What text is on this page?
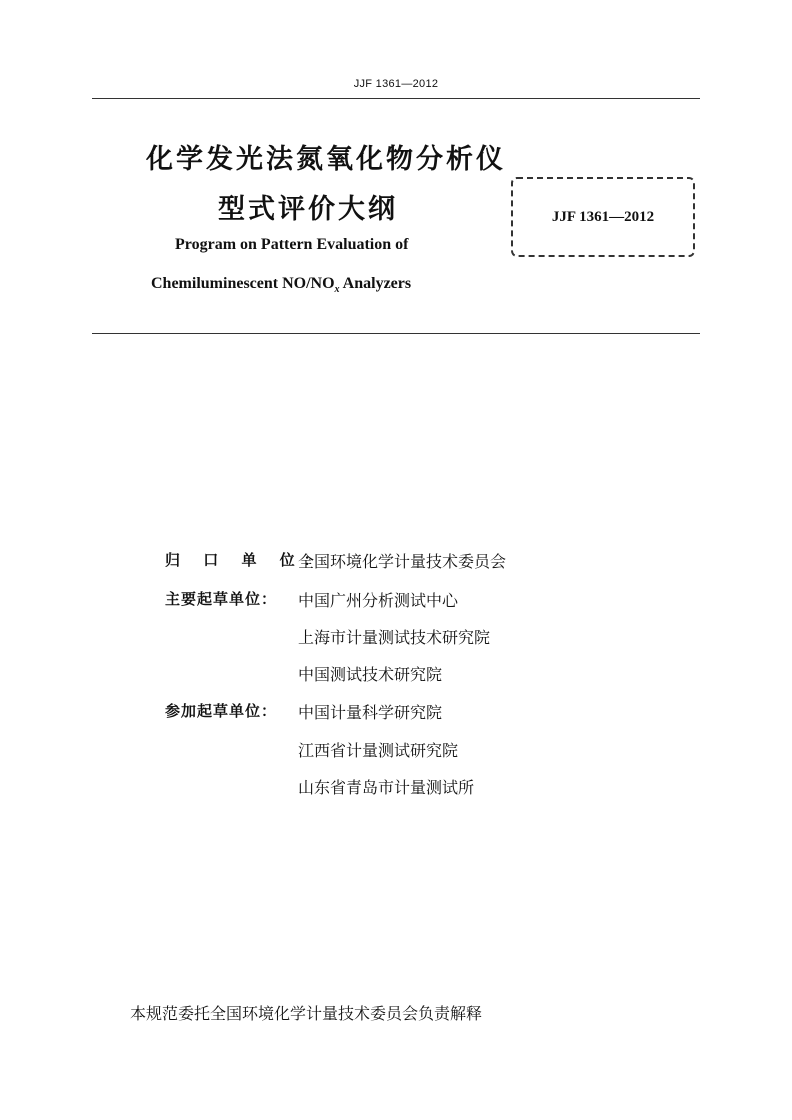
JJF 1361—2012
化学发光法氮氧化物分析仪
型式评价大纲
Program on Pattern Evaluation of
Chemiluminescent $NO/NO_x$ Analyzers
JJF 1361—2012
归 口 单 位：
全国环境化学计量技术委员会
主要起草单位：	中国广州分析测试中心
上海市计量测试技术研究院
中国测试技术研究院
参加起草单位：	中国计量科学研究院
江西省计量测试研究院
山东省青岛市计量测试所
本规范委托全国环境化学计量技术委员会负责解释
